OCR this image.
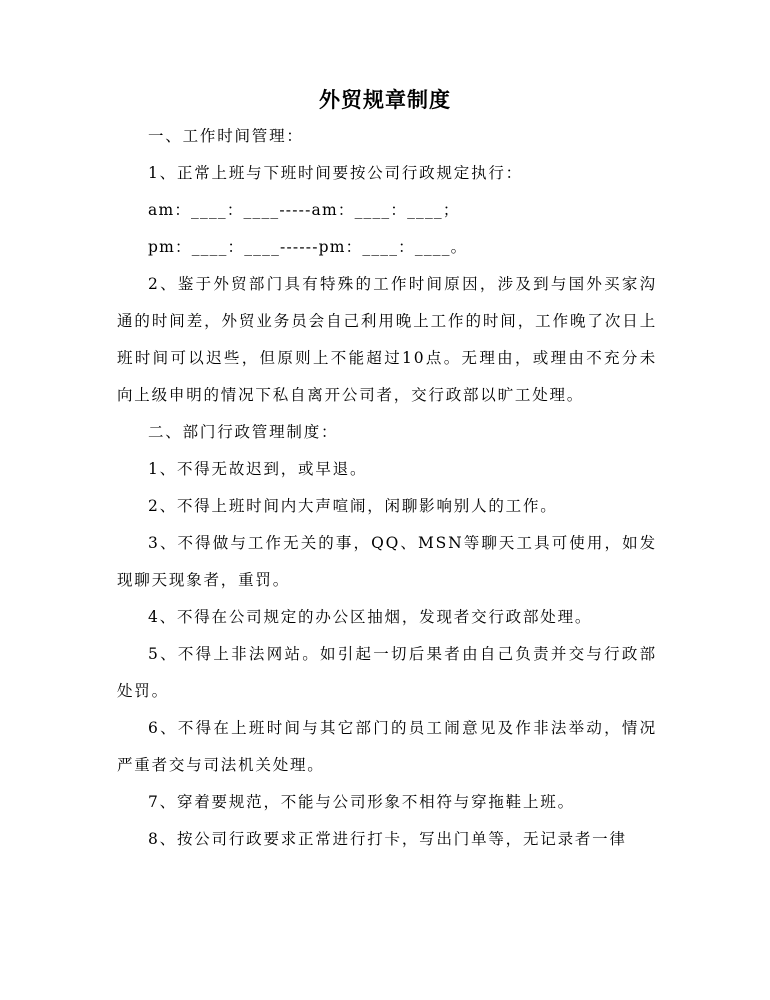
外贸规章制度

一、工作时间管理：

1、正常上班与下班时间要按公司行政规定执行：

am：____：____-----am：____：____；

pm：____：____------pm：____：____。

2、鉴于外贸部门具有特殊的工作时间原因，涉及到与国外买家沟通的时间差，外贸业务员会自己利用晚上工作的时间，工作晚了次日上班时间可以迟些，但原则上不能超过10点。无理由，或理由不充分未向上级申明的情况下私自离开公司者，交行政部以旷工处理。

二、部门行政管理制度：

1、不得无故迟到，或早退。

2、不得上班时间内大声喧闹，闲聊影响别人的工作。

3、不得做与工作无关的事，QQ、MSN等聊天工具可使用，如发现聊天现象者，重罚。

4、不得在公司规定的办公区抽烟，发现者交行政部处理。

5、不得上非法网站。如引起一切后果者由自己负责并交与行政部处罚。

6、不得在上班时间与其它部门的员工闹意见及作非法举动，情况严重者交与司法机关处理。

7、穿着要规范，不能与公司形象不相符与穿拖鞋上班。

8、按公司行政要求正常进行打卡，写出门单等，无记录者一律
